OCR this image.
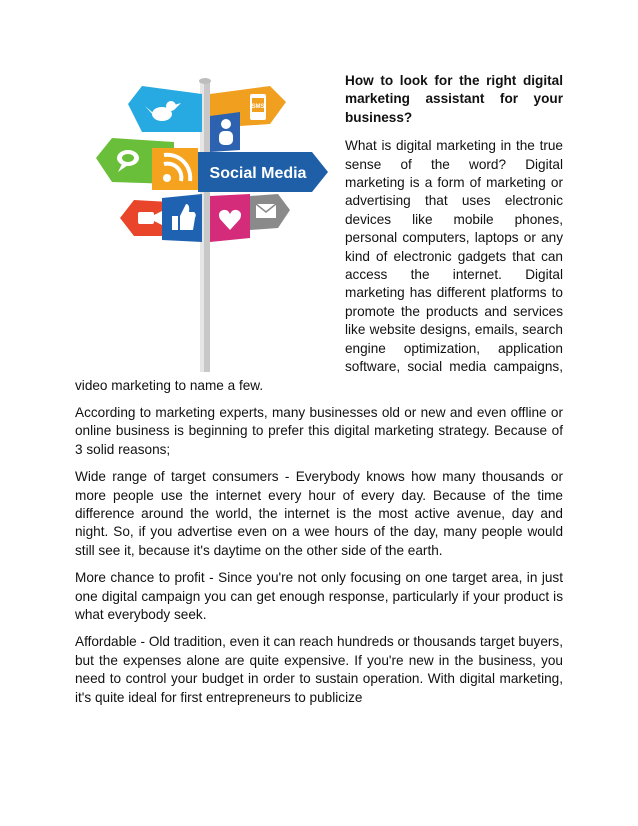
SMS
Social Media

How to look for the right digital marketing assistant for your business?

What is digital marketing in the true sense of the word? Digital marketing is a form of marketing or advertising that uses electronic devices like mobile phones, personal computers, laptops or any kind of electronic gadgets that can access the internet. Digital marketing has different platforms to promote the products and services like website designs, emails, search engine optimization, application software, social media campaigns, video marketing to name a few.

According to marketing experts, many businesses old or new and even offline or online business is beginning to prefer this digital marketing strategy. Because of 3 solid reasons;

Wide range of target consumers - Everybody knows how many thousands or more people use the internet every hour of every day. Because of the time difference around the world, the internet is the most active avenue, day and night. So, if you advertise even on a wee hours of the day, many people would still see it, because it's daytime on the other side of the earth.

More chance to profit - Since you're not only focusing on one target area, in just one digital campaign you can get enough response, particularly if your product is what everybody seek.

Affordable - Old tradition, even it can reach hundreds or thousands target buyers, but the expenses alone are quite expensive. If you're new in the business, you need to control your budget in order to sustain operation. With digital marketing, it's quite ideal for first entrepreneurs to publicize
